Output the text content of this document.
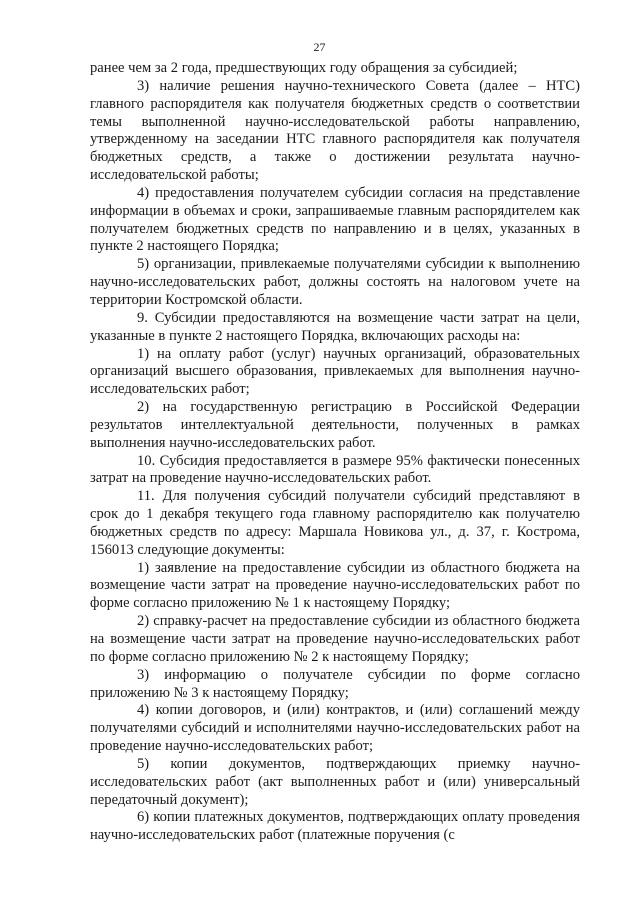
27

ранее чем за 2 года, предшествующих году обращения за субсидией;

3) наличие решения научно-технического Совета (далее – НТС) главного распорядителя как получателя бюджетных средств о соответствии темы выполненной научно-исследовательской работы направлению, утвержденному на заседании НТС главного распорядителя как получателя бюджетных средств, а также о достижении результата научно-исследовательской работы;

4) предоставления получателем субсидии согласия на представление информации в объемах и сроки, запрашиваемые главным распорядителем как получателем бюджетных средств по направлению и в целях, указанных в пункте 2 настоящего Порядка;

5) организации, привлекаемые получателями субсидии к выполнению научно-исследовательских работ, должны состоять на налоговом учете на территории Костромской области.

9. Субсидии предоставляются на возмещение части затрат на цели, указанные в пункте 2 настоящего Порядка, включающих расходы на:

1) на оплату работ (услуг) научных организаций, образовательных организаций высшего образования, привлекаемых для выполнения научно-исследовательских работ;

2) на государственную регистрацию в Российской Федерации результатов интеллектуальной деятельности, полученных в рамках выполнения научно-исследовательских работ.

10. Субсидия предоставляется в размере 95% фактически понесенных затрат на проведение научно-исследовательских работ.

11. Для получения субсидий получатели субсидий представляют в срок до 1 декабря текущего года главному распорядителю как получателю бюджетных средств по адресу: Маршала Новикова ул., д. 37, г. Кострома, 156013 следующие документы:

1) заявление на предоставление субсидии из областного бюджета на возмещение части затрат на проведение научно-исследовательских работ по форме согласно приложению № 1 к настоящему Порядку;

2) справку-расчет на предоставление субсидии из областного бюджета на возмещение части затрат на проведение научно-исследовательских работ по форме согласно приложению № 2 к настоящему Порядку;

3) информацию о получателе субсидии по форме согласно приложению № 3 к настоящему Порядку;

4) копии договоров, и (или) контрактов, и (или) соглашений между получателями субсидий и исполнителями научно-исследовательских работ на проведение научно-исследовательских работ;

5) копии документов, подтверждающих приемку научно-исследовательских работ (акт выполненных работ и (или) универсальный передаточный документ);

6) копии платежных документов, подтверждающих оплату проведения научно-исследовательских работ (платежные поручения (с
